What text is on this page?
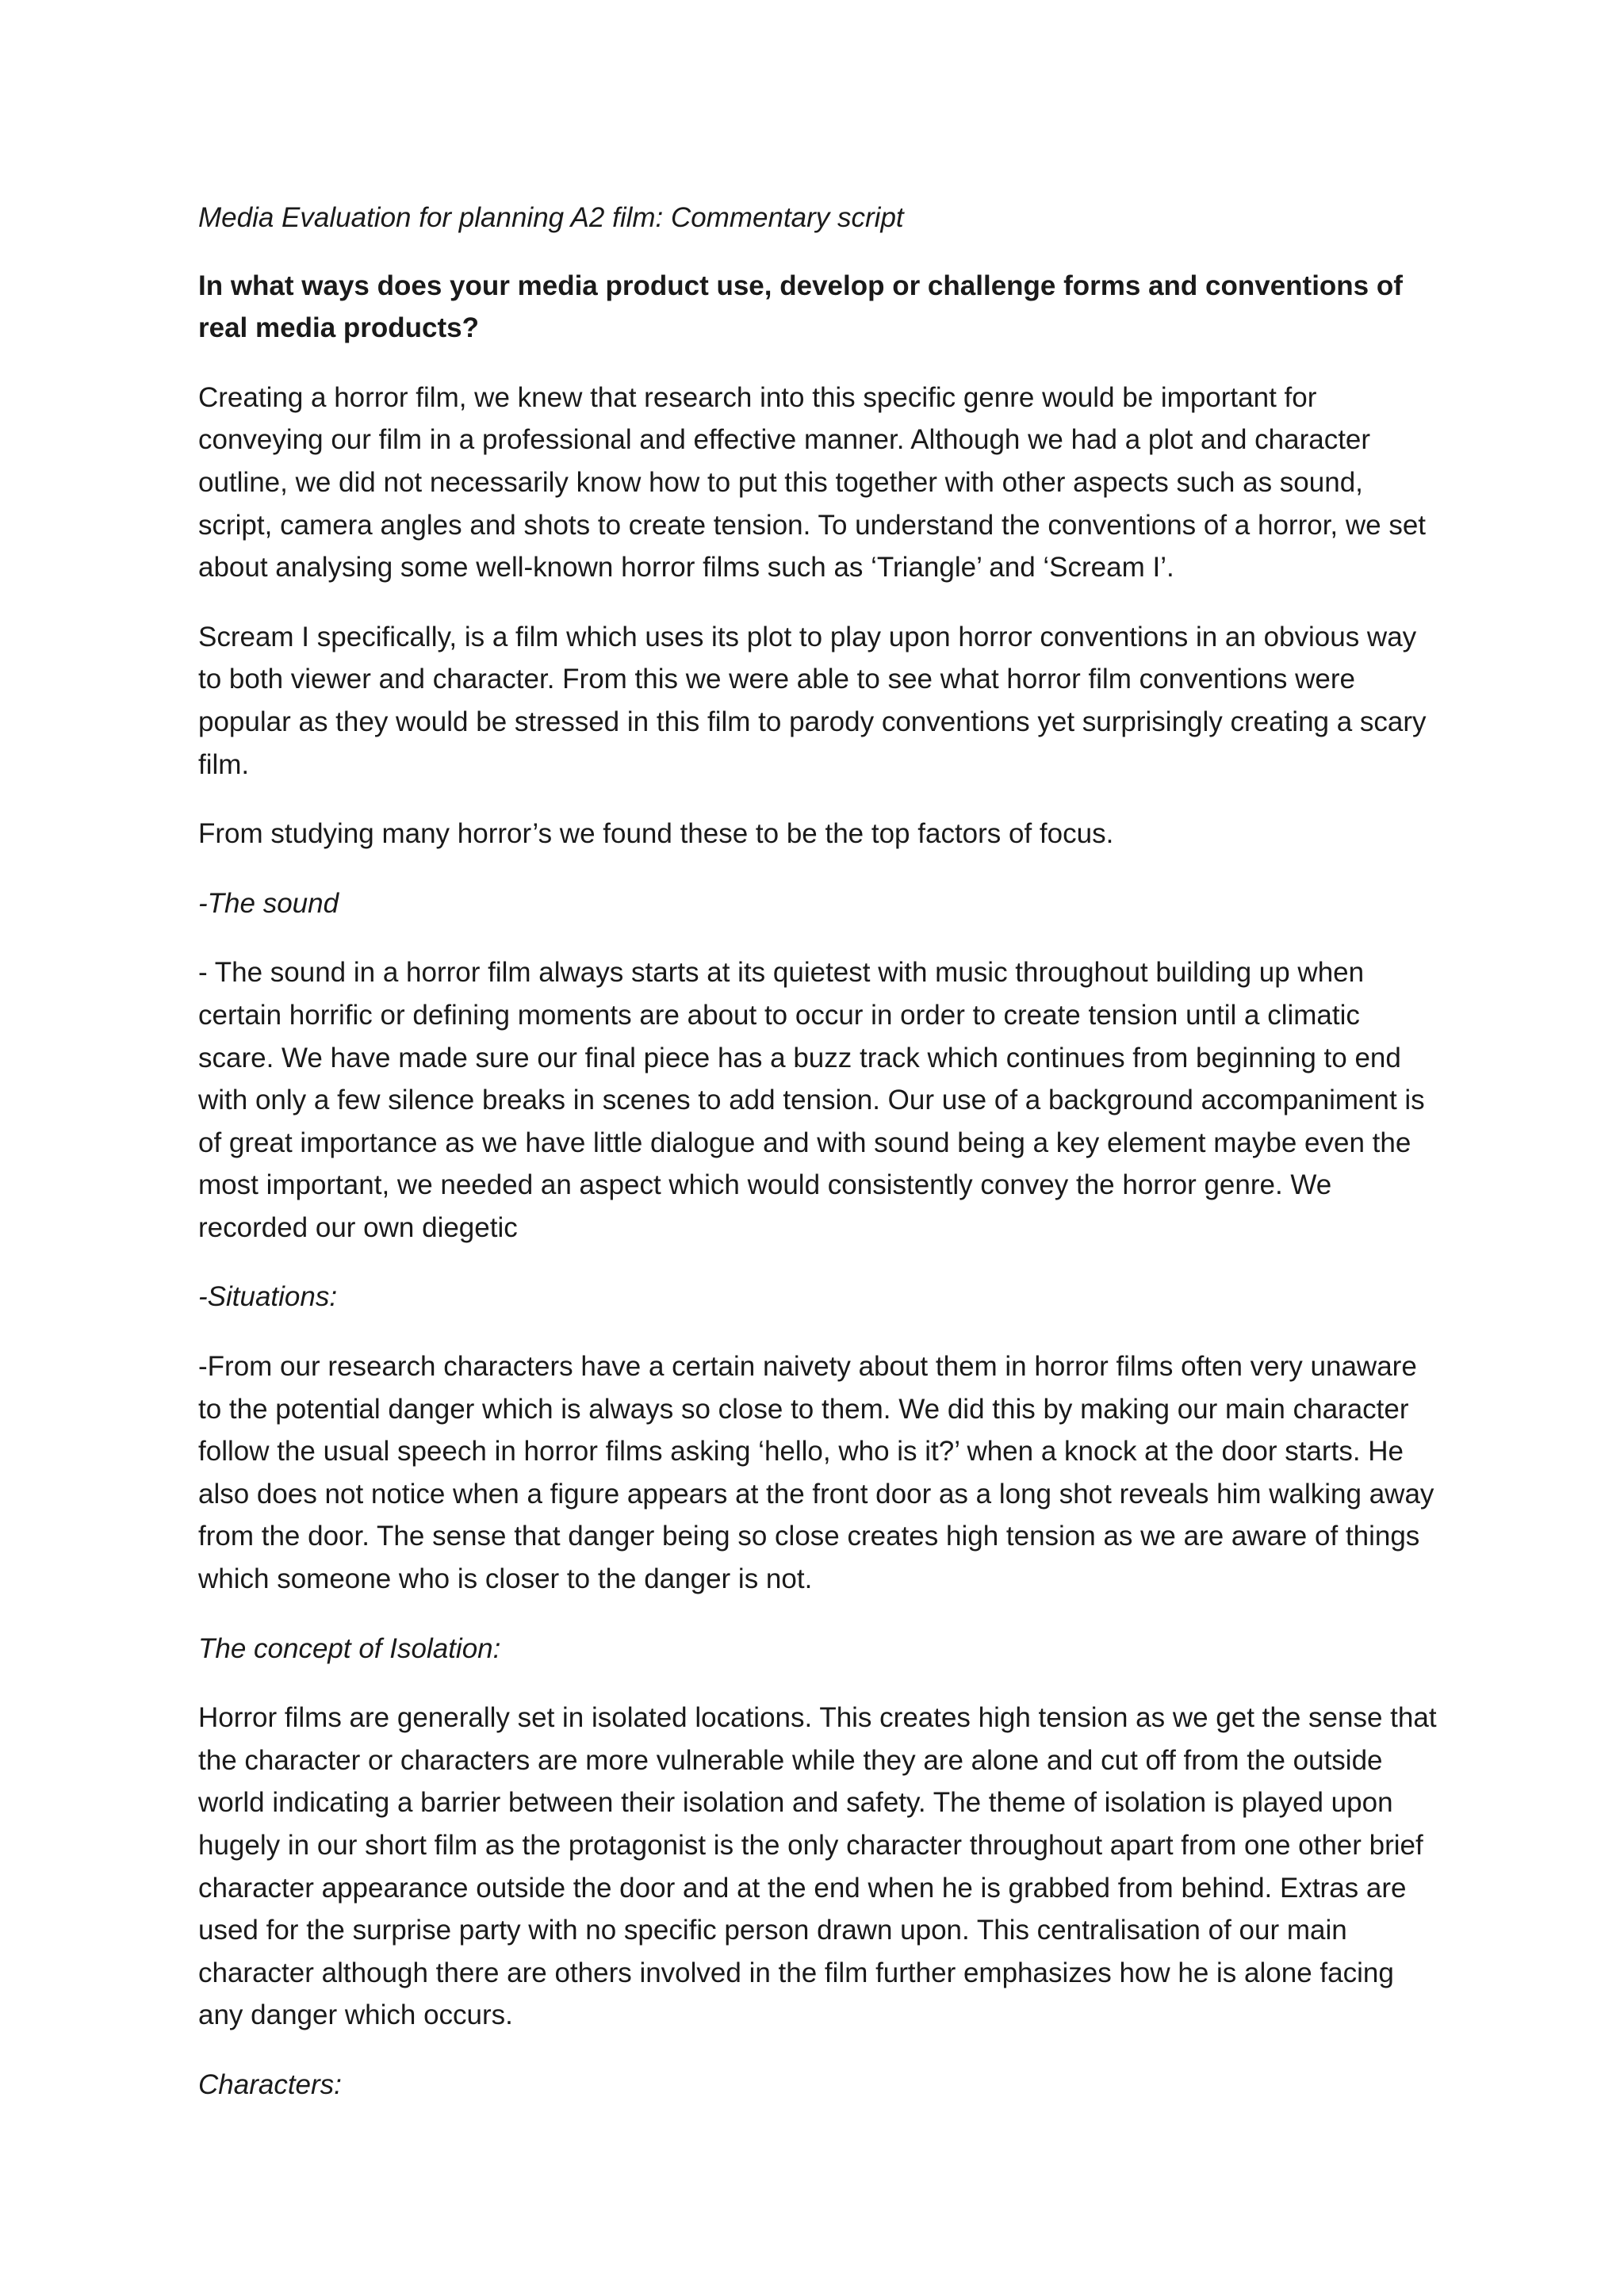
Media Evaluation for planning A2 film: Commentary script

In what ways does your media product use, develop or challenge forms and conventions of real media products?

Creating a horror film, we knew that research into this specific genre would be important for conveying our film in a professional and effective manner. Although we had a plot and character outline, we did not necessarily know how to put this together with other aspects such as sound, script, camera angles and shots to create tension. To understand the conventions of a horror, we set about analysing some well-known horror films such as ‘Triangle’ and ‘Scream I’.

Scream I specifically, is a film which uses its plot to play upon horror conventions in an obvious way to both viewer and character. From this we were able to see what horror film conventions were popular as they would be stressed in this film to parody conventions yet surprisingly creating a scary film.

From studying many horror’s we found these to be the top factors of focus.

-The sound

- The sound in a horror film always starts at its quietest with music throughout building up when certain horrific or defining moments are about to occur in order to create tension until a climatic scare. We have made sure our final piece has a buzz track which continues from beginning to end with only a few silence breaks in scenes to add tension. Our use of a background accompaniment is of great importance as we have little dialogue and with sound being a key element maybe even the most important, we needed an aspect which would consistently convey the horror genre. We recorded our own diegetic

-Situations:

-From our research characters have a certain naivety about them in horror films often very unaware to the potential danger which is always so close to them. We did this by making our main character follow the usual speech in horror films asking ‘hello, who is it?’ when a knock at the door starts. He also does not notice when a figure appears at the front door as a long shot reveals him walking away from the door. The sense that danger being so close creates high tension as we are aware of things which someone who is closer to the danger is not.

The concept of Isolation:

Horror films are generally set in isolated locations. This creates high tension as we get the sense that the character or characters are more vulnerable while they are alone and cut off from the outside world indicating a barrier between their isolation and safety. The theme of isolation is played upon hugely in our short film as the protagonist is the only character throughout apart from one other brief character appearance outside the door and at the end when he is grabbed from behind. Extras are used for the surprise party with no specific person drawn upon. This centralisation of our main character although there are others involved in the film further emphasizes how he is alone facing any danger which occurs.

Characters:
